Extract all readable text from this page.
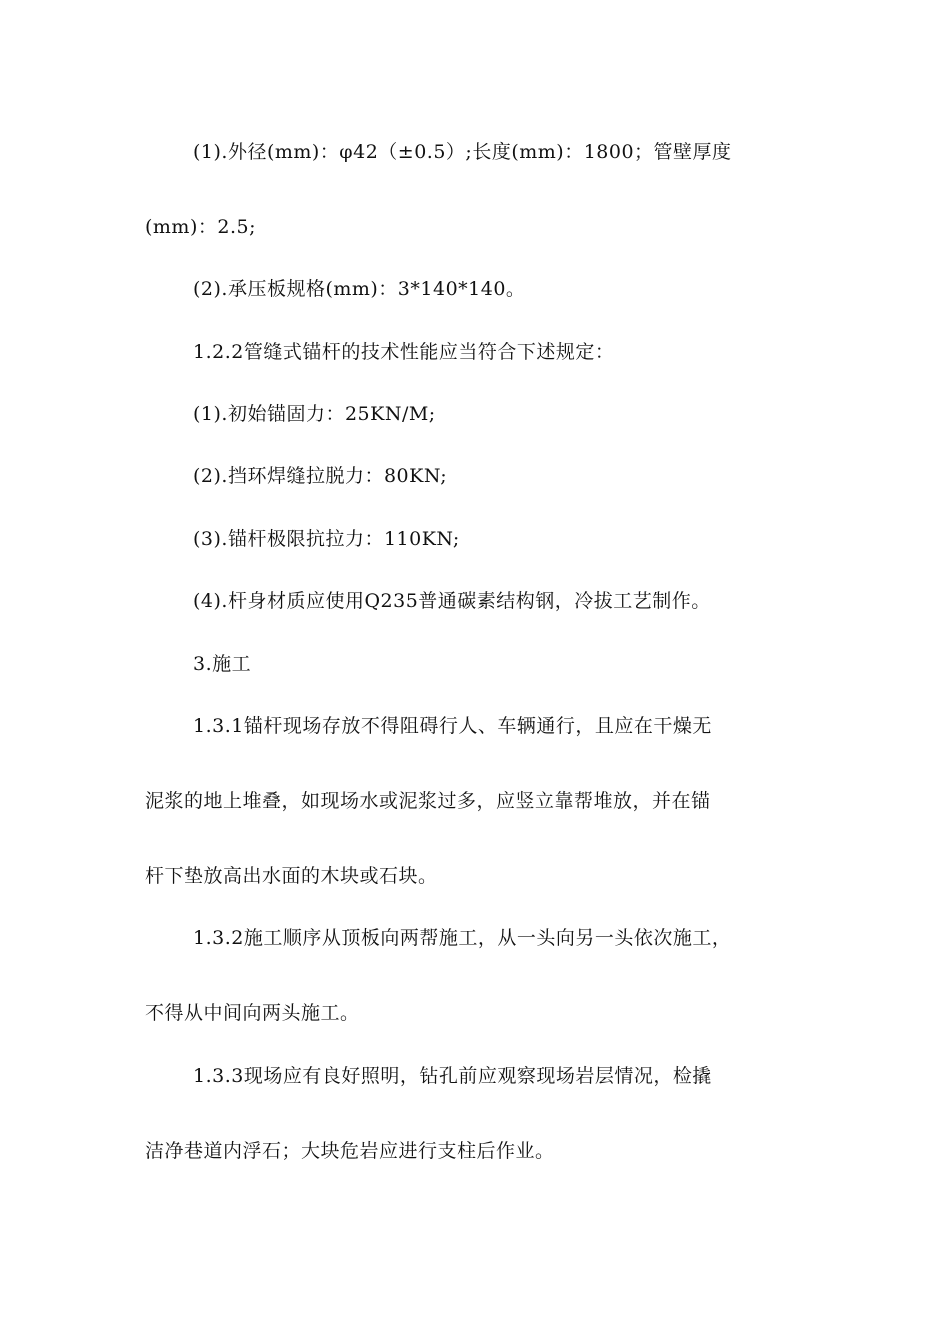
(1).外径(mm)：φ42（±0.5）;长度(mm)：1800；管壁厚度
(mm)：2.5;
(2).承压板规格(mm)：3*140*140。
1.2.2管缝式锚杆的技术性能应当符合下述规定：
(1).初始锚固力：25KN/M;
(2).挡环焊缝拉脱力：80KN;
(3).锚杆极限抗拉力：110KN;
(4).杆身材质应使用Q235普通碳素结构钢，冷拔工艺制作。
3.施工
1.3.1锚杆现场存放不得阻碍行人、车辆通行，且应在干燥无
泥浆的地上堆叠，如现场水或泥浆过多，应竖立靠帮堆放，并在锚
杆下垫放高出水面的木块或石块。
1.3.2施工顺序从顶板向两帮施工，从一头向另一头依次施工，
不得从中间向两头施工。
1.3.3现场应有良好照明，钻孔前应观察现场岩层情况，检撬
洁净巷道内浮石；大块危岩应进行支柱后作业。
